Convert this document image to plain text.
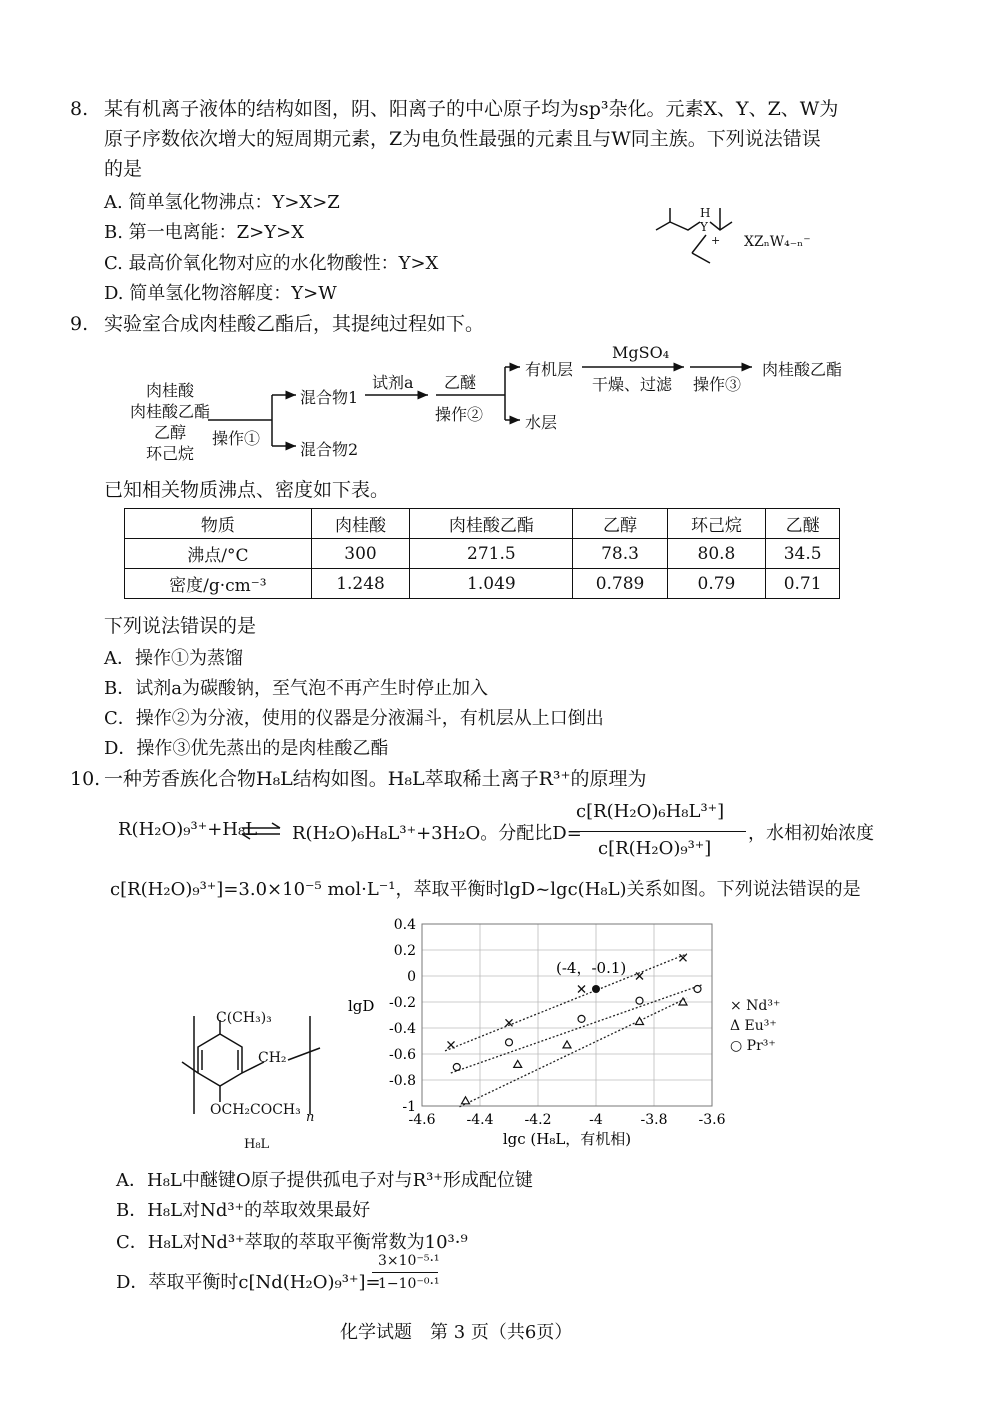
8. 某有机离子液体的结构如图，阴、阳离子的中心原子均为sp³杂化。元素X、Y、Z、W为
原子序数依次增大的短周期元素，Z为电负性最强的元素且与W同主族。下列说法错误
的是
A. 简单氢化物沸点：Y>X>Z
B. 第一电离能：Z>Y>X
C. 最高价氧化物对应的水化物酸性：Y>X
D. 简单氢化物溶解度：Y>W
H
Y
+ XZₙW₄₋ₙ⁻
9. 实验室合成肉桂酸乙酯后，其提纯过程如下。
肉桂酸
肉桂酸乙酯
乙醇
环己烷
操作①
混合物1
混合物2
试剂a 乙醚
操作②
有机层
水层
MgSO₄
干燥、过滤 操作③
肉桂酸乙酯
已知相关物质沸点、密度如下表。
物质	肉桂酸	肉桂酸乙酯	乙醇	环己烷	乙醚
沸点/°C	300	271.5	78.3	80.8	34.5
密度/g·cm⁻³	1.248	1.049	0.789	0.79	0.71
下列说法错误的是
A．操作①为蒸馏
B．试剂a为碳酸钠，至气泡不再产生时停止加入
C．操作②为分液，使用的仪器是分液漏斗，有机层从上口倒出
D．操作③优先蒸出的是肉桂酸乙酯
10. 一种芳香族化合物H₈L结构如图。H₈L萃取稀土离子R³⁺的原理为
R(H₂O)₉³⁺+H₈L ⇌ R(H₂O)₆H₈L³⁺+3H₂O。分配比D=
c[R(H₂O)₆H₈L³⁺]
c[R(H₂O)₉³⁺]
，水相初始浓度
c[R(H₂O)₉³⁺]=3.0×10⁻⁵ mol·L⁻¹，萃取平衡时lgD~lgc(H₈L)关系如图。下列说法错误的是
C(CH₃)₃
CH₂
OCH₂COCH₃ n
H₈L
-4.6 -4.4 -4.2	-4	-3.8 -3.6
0.4
0.2
0
-0.2
-0.4
-0.6
-0.8
-1
lgc (H₈L，有机相)
lgD
(-4，-0.1)
× Nd³⁺
Δ Eu³⁺
○ Pr³⁺
A．H₈L中醚键O原子提供孤电子对与R³⁺形成配位键
B．H₈L对Nd³⁺的萃取效果最好
C．H₈L对Nd³⁺萃取的萃取平衡常数为10³·⁹
D．萃取平衡时c[Nd(H₂O)₉³⁺]=
3×10⁻⁵·¹
1−10⁻⁰·¹
化学试题　第 3 页（共6页）
